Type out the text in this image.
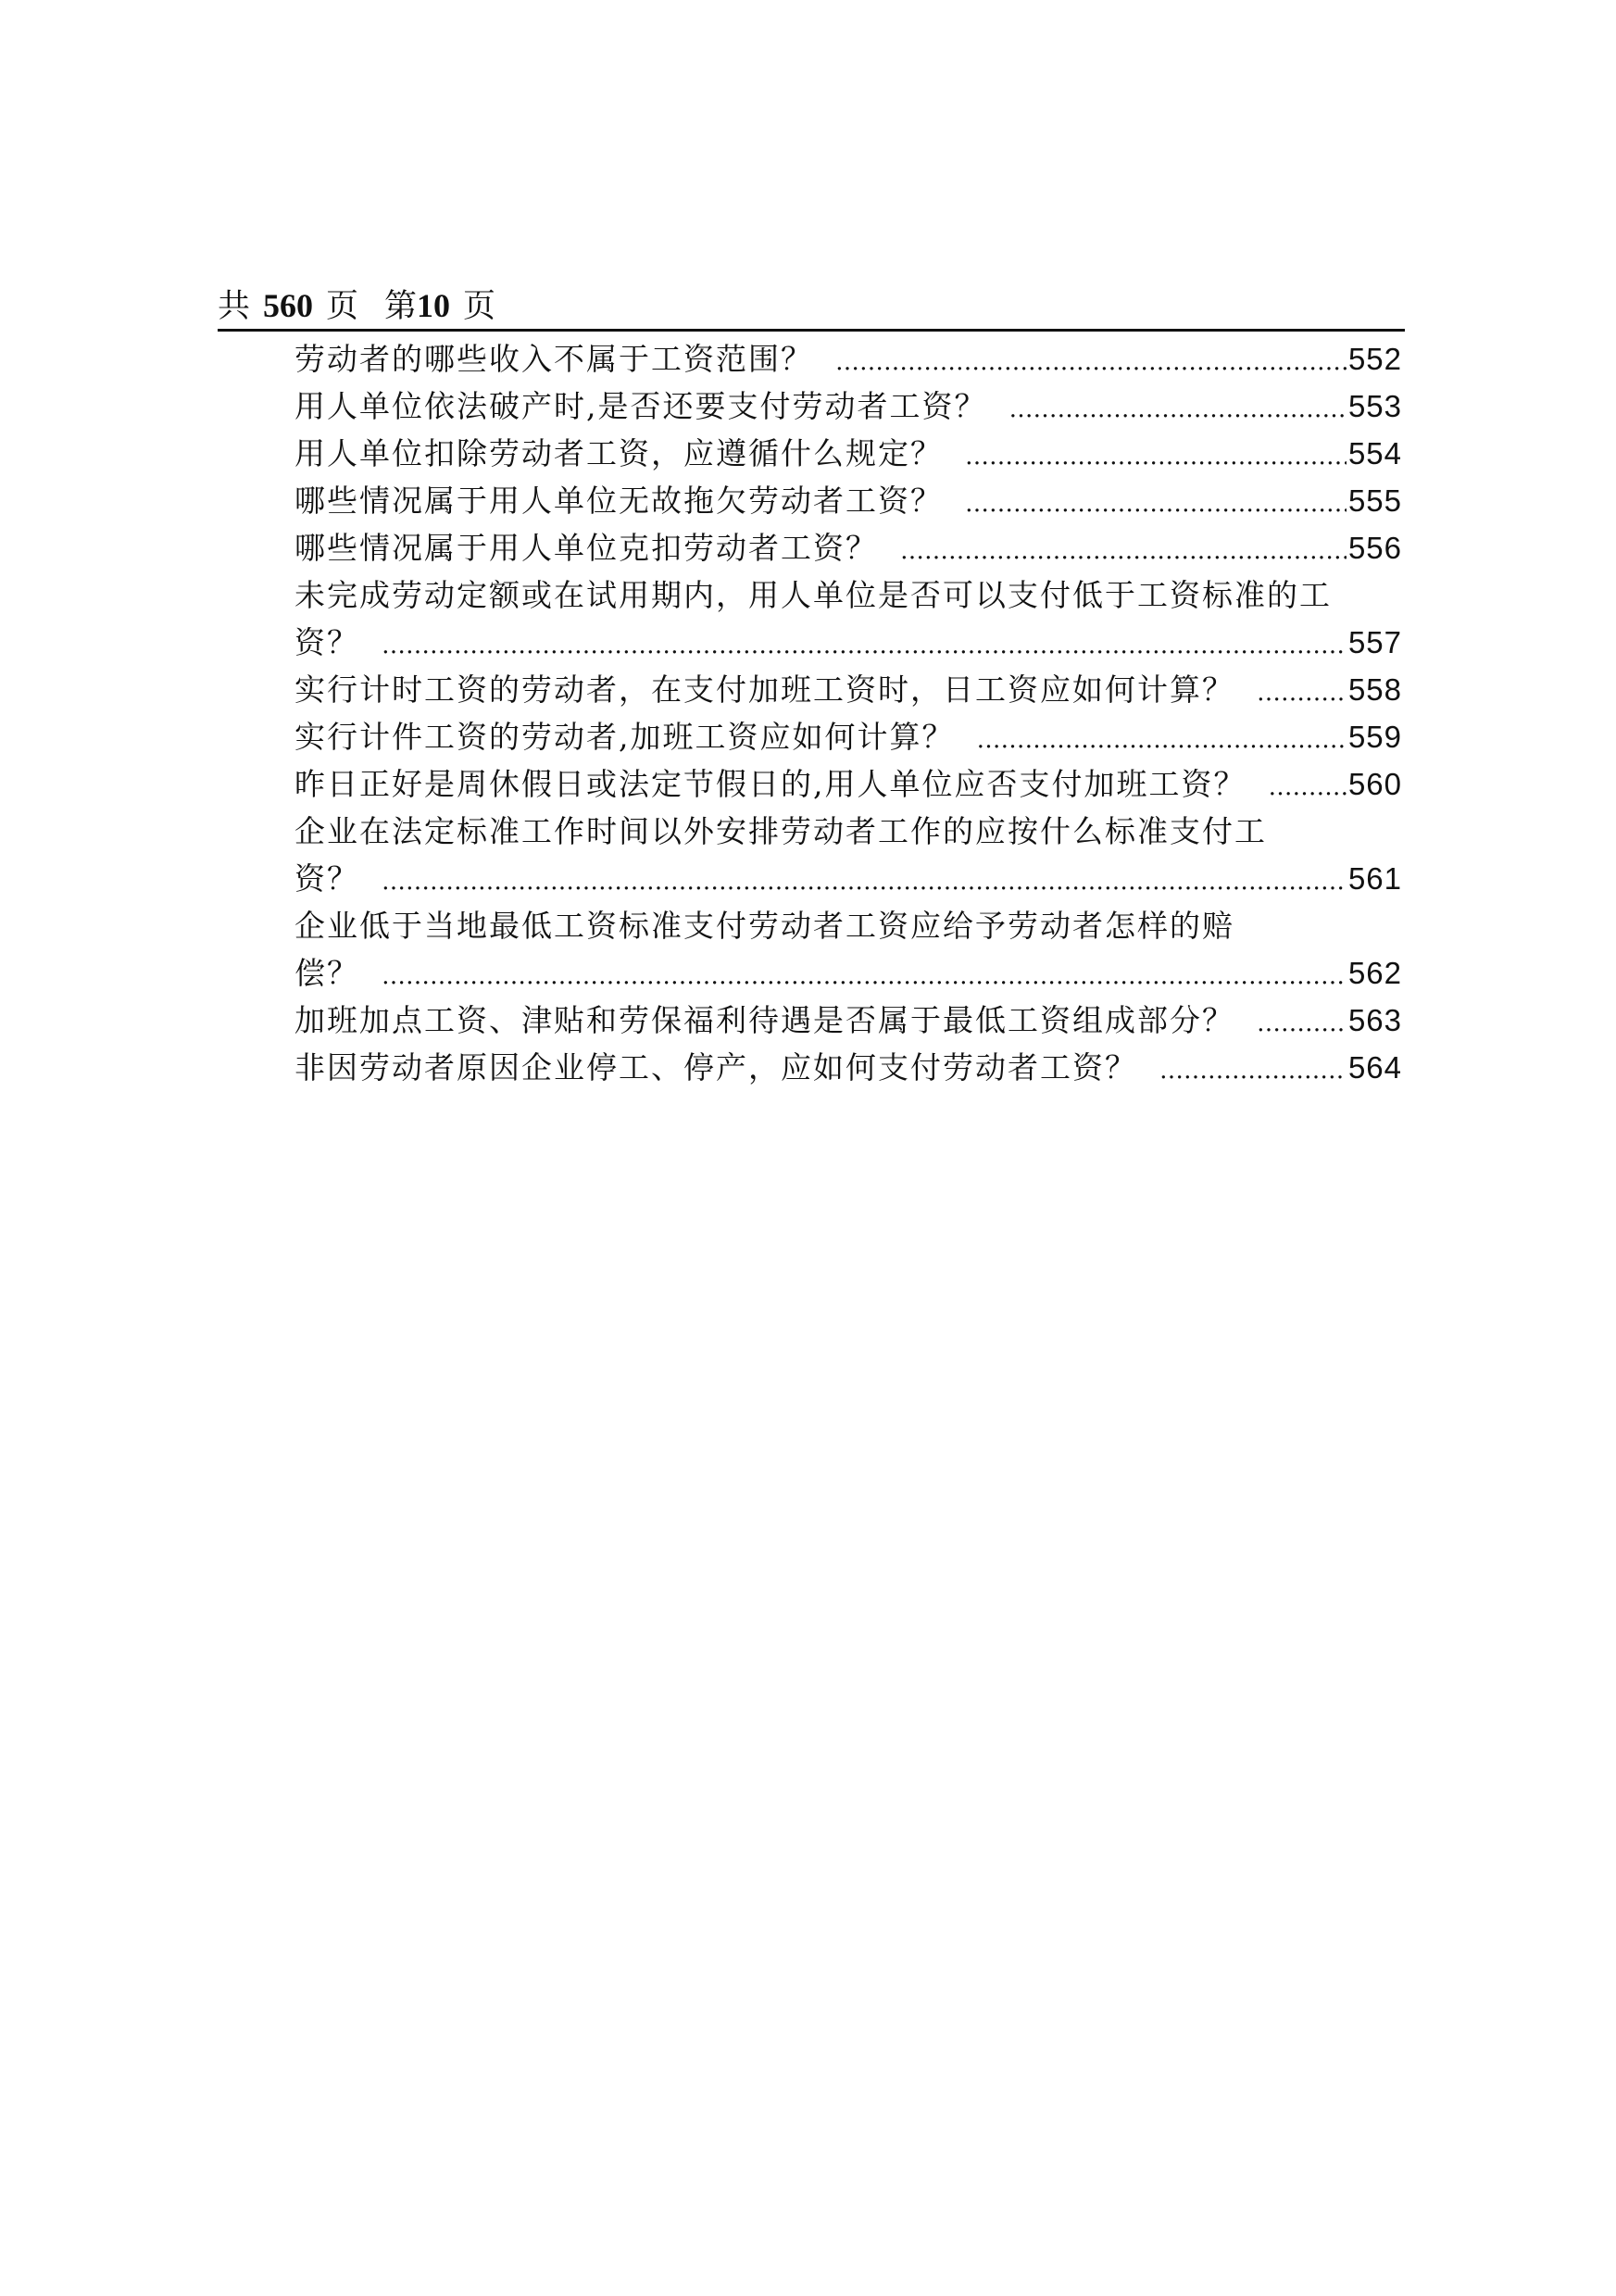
共 560 页 第10 页
劳动者的哪些收入不属于工资范围？ …………………………………………………………………………………………………………………………………………………………………………………………………	552
用人单位依法破产时,是否还要支付劳动者工资？ …………………………………………………………………………………………………………………………………………………………………………………………………	553
用人单位扣除劳动者工资，应遵循什么规定？ …………………………………………………………………………………………………………………………………………………………………………………………………	554
哪些情况属于用人单位无故拖欠劳动者工资？ …………………………………………………………………………………………………………………………………………………………………………………………………	555
哪些情况属于用人单位克扣劳动者工资？ …………………………………………………………………………………………………………………………………………………………………………………………………	556
未完成劳动定额或在试用期内，用人单位是否可以支付低于工资标准的工
资？ …………………………………………………………………………………………………………………………………………………………………………………………………	557
实行计时工资的劳动者，在支付加班工资时，日工资应如何计算？ …………………………………………………………………………………………………………………………………………………………………………………………………	558
实行计件工资的劳动者,加班工资应如何计算？ …………………………………………………………………………………………………………………………………………………………………………………………………	559
昨日正好是周休假日或法定节假日的,用人单位应否支付加班工资？ …………………………………………………………………………………………………………………………………………………………………………………………………	560
企业在法定标准工作时间以外安排劳动者工作的应按什么标准支付工
资？ …………………………………………………………………………………………………………………………………………………………………………………………………	561
企业低于当地最低工资标准支付劳动者工资应给予劳动者怎样的赔
偿？ …………………………………………………………………………………………………………………………………………………………………………………………………	562
加班加点工资、津贴和劳保福利待遇是否属于最低工资组成部分？ …………………………………………………………………………………………………………………………………………………………………………………………………	563
非因劳动者原因企业停工、停产，应如何支付劳动者工资？ …………………………………………………………………………………………………………………………………………………………………………………………………	564
